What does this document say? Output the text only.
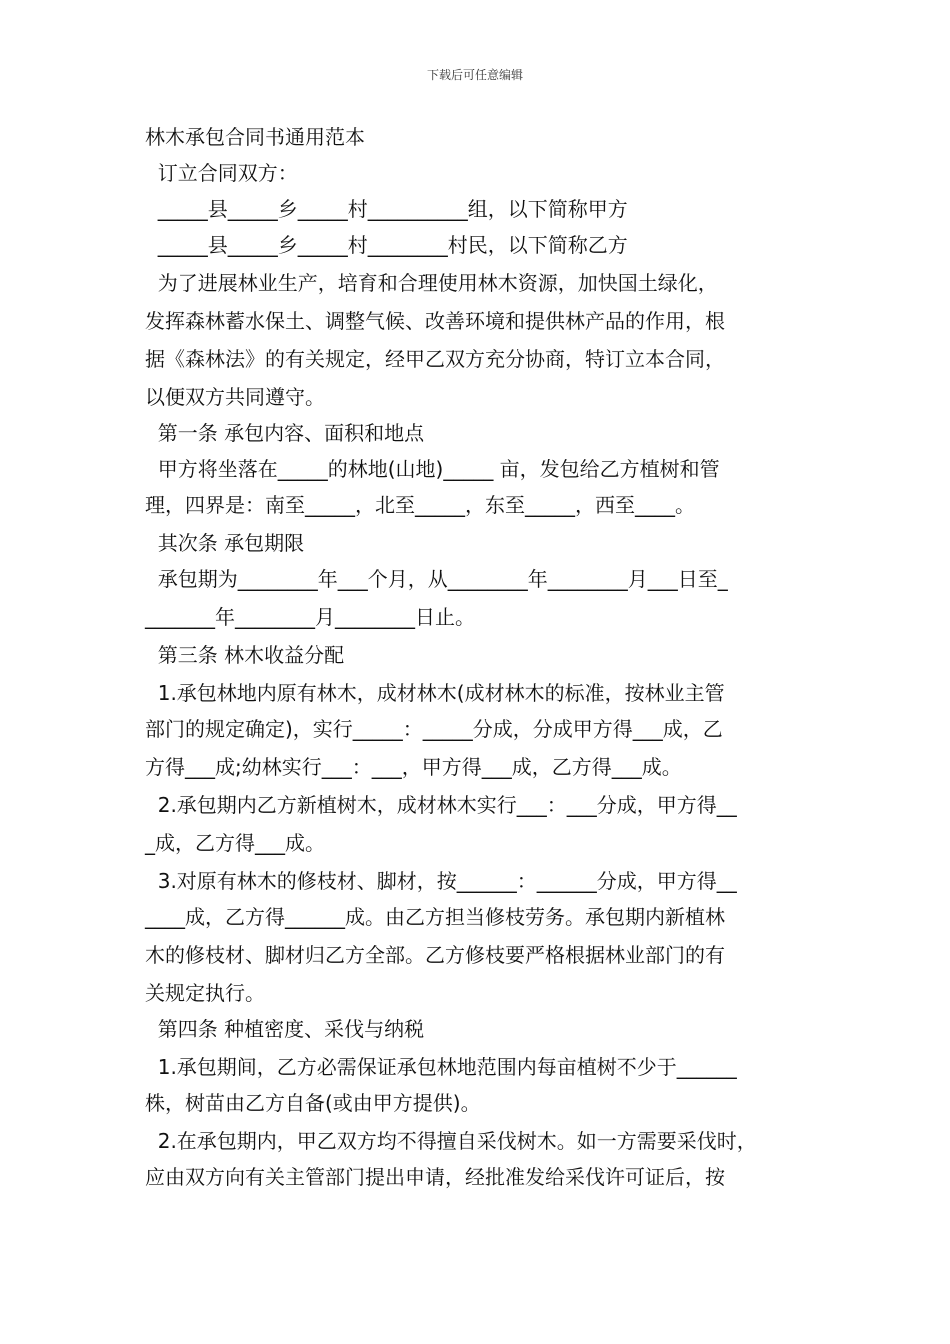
下载后可任意编辑
林木承包合同书通用范本
订立合同双方：
_____县_____乡_____村__________组，以下简称甲方
_____县_____乡_____村________村民，以下简称乙方
为了进展林业生产，培育和合理使用林木资源，加快国土绿化，
发挥森林蓄水保土、调整气候、改善环境和提供林产品的作用，根
据《森林法》的有关规定，经甲乙双方充分协商，特订立本合同，
以便双方共同遵守。
第一条 承包内容、面积和地点
甲方将坐落在_____的林地(山地)_____ 亩，发包给乙方植树和管
理，四界是：南至_____，北至_____，东至_____，西至____。
其次条 承包期限
承包期为________年___个月，从________年________月___日至_
_______年________月________日止。
第三条 林木收益分配
1.承包林地内原有林木，成材林木(成材林木的标准，按林业主管
部门的规定确定)，实行_____：_____分成，分成甲方得___成，乙
方得___成;幼林实行___：___，甲方得___成，乙方得___成。
2.承包期内乙方新植树木，成材林木实行___：___分成，甲方得__
_成，乙方得___成。
3.对原有林木的修枝材、脚材，按______：______分成，甲方得__
____成，乙方得______成。由乙方担当修枝劳务。承包期内新植林
木的修枝材、脚材归乙方全部。乙方修枝要严格根据林业部门的有
关规定执行。
第四条 种植密度、采伐与纳税
1.承包期间，乙方必需保证承包林地范围内每亩植树不少于______
株，树苗由乙方自备(或由甲方提供)。
2.在承包期内，甲乙双方均不得擅自采伐树木。如一方需要采伐时，
应由双方向有关主管部门提出申请，经批准发给采伐许可证后，按
